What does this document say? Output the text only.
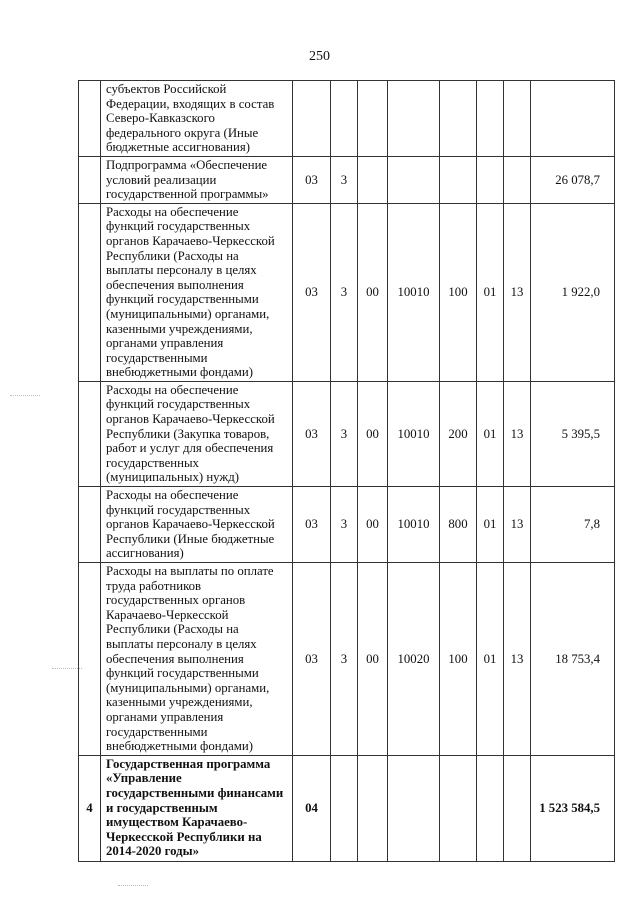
250
	субъектов Российской Федерации, входящих в состав Северо-Кавказского федерального округа (Иные бюджетные ассигнования)								
	Подпрограмма «Обеспечение условий реализации государственной программы»	03	3						26 078,7
	Расходы на обеспечение функций государственных органов Карачаево-Черкесской Республики (Расходы на выплаты персоналу в целях обеспечения выполнения функций государственными (муниципальными) органами, казенными учреждениями, органами управления государственными внебюджетными фондами)	03	3	00	10010	100	01	13	1 922,0
	Расходы на обеспечение функций государственных органов Карачаево-Черкесской Республики (Закупка товаров, работ и услуг для обеспечения государственных (муниципальных) нужд)	03	3	00	10010	200	01	13	5 395,5
	Расходы на обеспечение функций государственных органов Карачаево-Черкесской Республики (Иные бюджетные ассигнования)	03	3	00	10010	800	01	13	7,8
	Расходы на выплаты по оплате труда работников государственных органов Карачаево-Черкесской Республики (Расходы на выплаты персоналу в целях обеспечения выполнения функций государственными (муниципальными) органами, казенными учреждениями, органами управления государственными внебюджетными фондами)	03	3	00	10020	100	01	13	18 753,4
4	Государственная программа «Управление государственными финансами и государственным имуществом Карачаево-Черкесской Республики на 2014-2020 годы»	04							1 523 584,5
